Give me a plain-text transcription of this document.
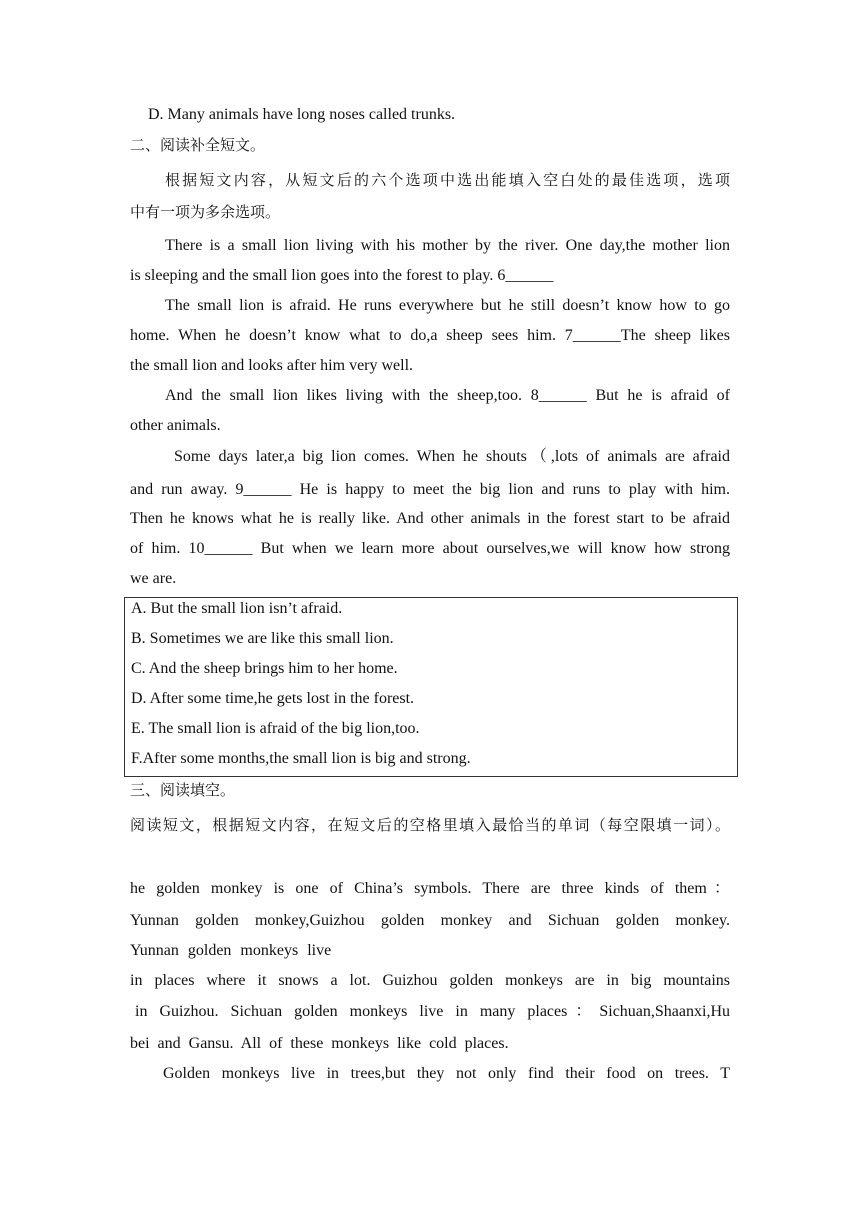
D. Many animals have long noses called trunks.
二、阅读补全短文。
根据短文内容，从短文后的六个选项中选出能填入空白处的最佳选项，选项
中有一项为多余选项。
There is a small lion living with his mother by the river. One day,the mother lion
is sleeping and the small lion goes into the forest to play. 6______
The small lion is afraid. He runs everywhere but he still doesn’t know how to go
home. When he doesn’t know what to do,a sheep sees him. 7______The sheep likes
the small lion and looks after him very well.
And the small lion likes living with the sheep,too. 8______ But he is afraid of
other animals.
Some days later,a big lion comes. When he shouts（,lots of animals are afraid
and run away. 9______ He is happy to meet the big lion and runs to play with him.
Then he knows what he is really like. And other animals in the forest start to be afraid
of him. 10______ But when we learn more about ourselves,we will know how strong
we are.
A. But the small lion isn’t afraid.
B. Sometimes we are like this small lion.
C. And the sheep brings him to her home.
D. After some time,he gets lost in the forest.
E. The small lion is afraid of the big lion,too.
F.After some months,the small lion is big and strong.
三、阅读填空。
阅读短文，根据短文内容，在短文后的空格里填入最恰当的单词（每空限填一词）。
he golden monkey is one of China’s symbols. There are three kinds of them：
Yunnan golden monkey,Guizhou golden monkey and Sichuan golden monkey.
Yunnan golden monkeys live
in places where it snows a lot. Guizhou golden monkeys are in big mountains
in Guizhou. Sichuan golden monkeys live in many places：Sichuan,Shaanxi,Hu
bei and Gansu. All of these monkeys like cold places.
Golden monkeys live in trees,but they not only find their food on trees. T
